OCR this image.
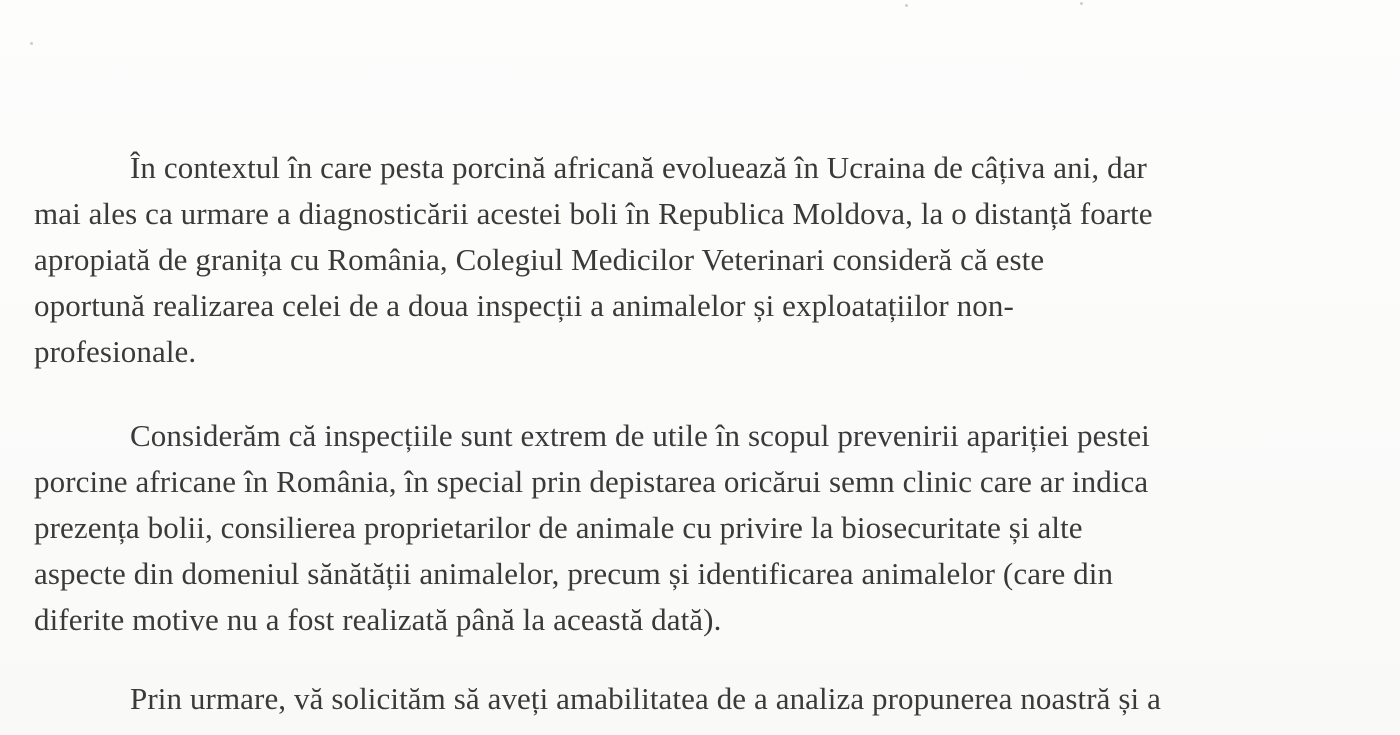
În contextul în care pesta porcină africană evoluează în Ucraina de câțiva ani, dar
mai ales ca urmare a diagnosticării acestei boli în Republica Moldova, la o distanță foarte
apropiată de granița cu România, Colegiul Medicilor Veterinari consideră că este
oportună realizarea celei de a doua inspecții a animalelor și exploatațiilor non-
profesionale.
Considerăm că inspecțiile sunt extrem de utile în scopul prevenirii apariției pestei
porcine africane în România, în special prin depistarea oricărui semn clinic care ar indica
prezența bolii, consilierea proprietarilor de animale cu privire la biosecuritate și alte
aspecte din domeniul sănătății animalelor, precum și identificarea animalelor (care din
diferite motive nu a fost realizată până la această dată).
Prin urmare, vă solicităm să aveți amabilitatea de a analiza propunerea noastră și a
